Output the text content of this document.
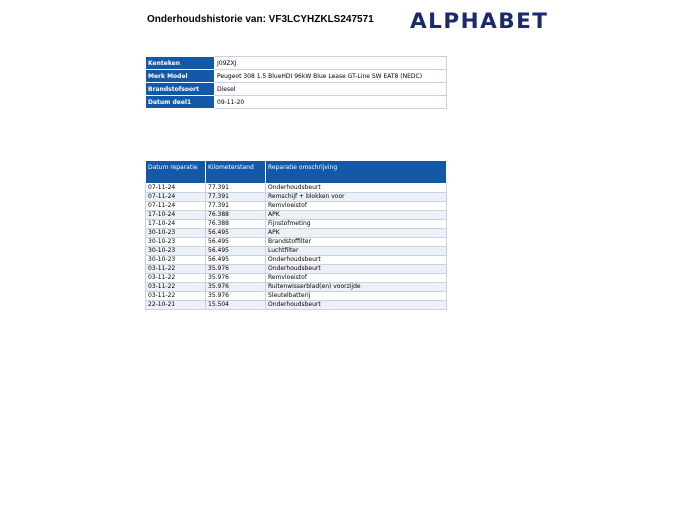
Onderhoudshistorie van: VF3LCYHZKLS247571 ALPHABET
Kenteken	J09ZXJ
Merk Model	Peugeot 308 1.5 BlueHDI 96kW Blue Lease GT-Line SW EAT8 (NEDC)
Brandstofsoort	Diesel
Datum deel1	09-11-20
Datum reparatie	Kilometerstand	Reparatie omschrijving
07-11-24	77.391	Onderhoudsbeurt
07-11-24	77.391	Remschijf + blokken voor
07-11-24	77.391	Remvloeistof
17-10-24	76.388	APK
17-10-24	76.388	Fijnstofmeting
30-10-23	56.495	APK
30-10-23	56.495	Brandstoffilter
30-10-23	56.495	Luchtfilter
30-10-23	56.495	Onderhoudsbeurt
03-11-22	35.976	Onderhoudsbeurt
03-11-22	35.976	Remvloeistof
03-11-22	35.976	Ruitenwisserblad(en) voorzijde
03-11-22	35.976	Sleutelbatterij
22-10-21	15.504	Onderhoudsbeurt
